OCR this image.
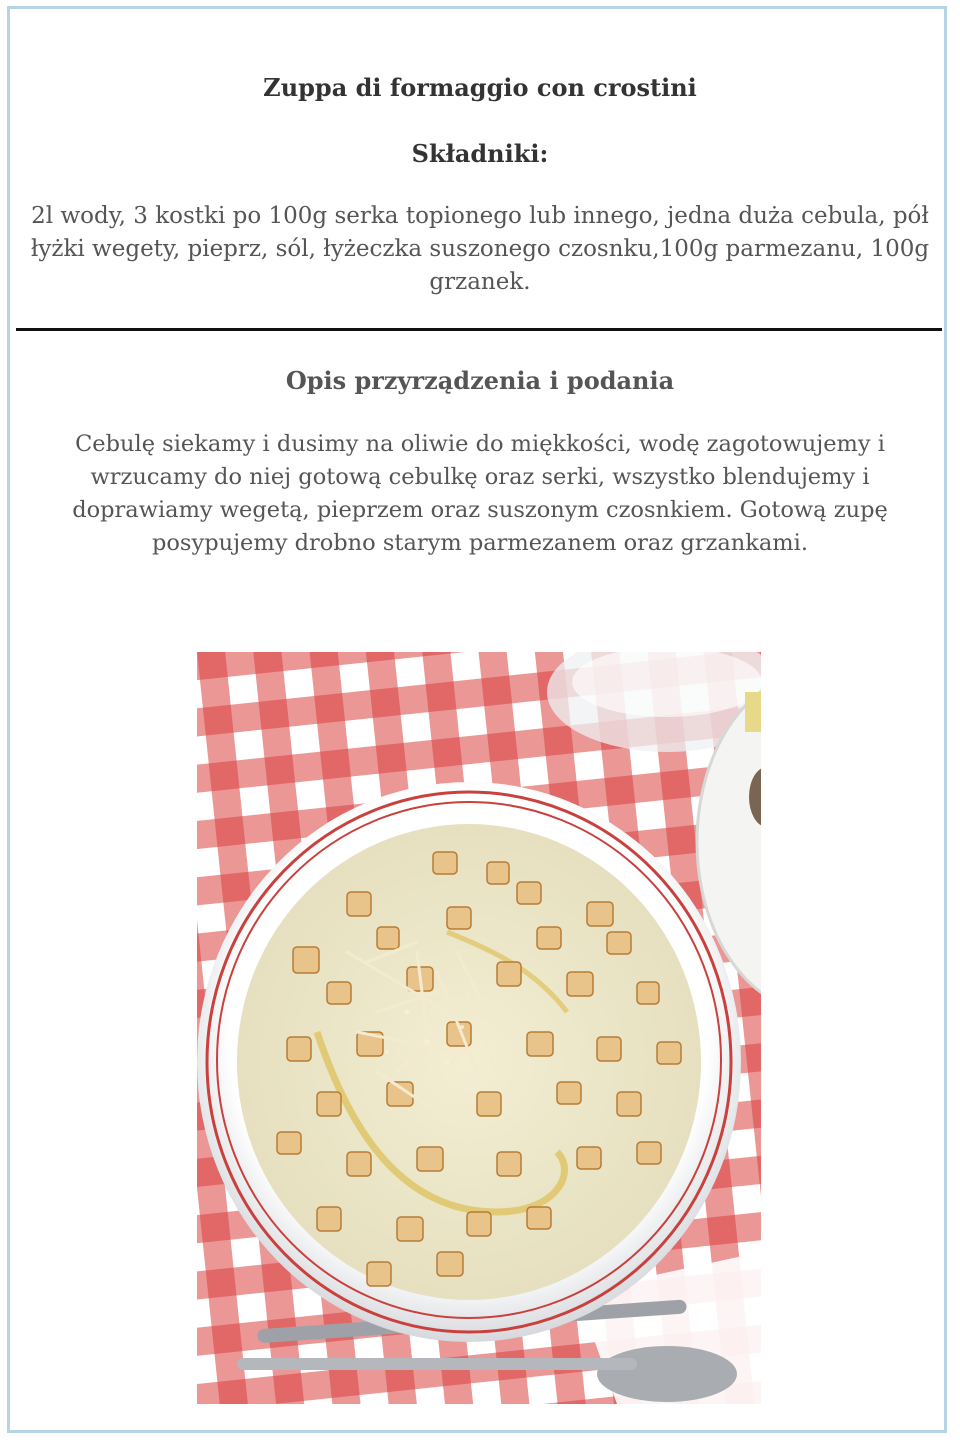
Zuppa di formaggio con crostini
Składniki:

2l wody, 3 kostki po 100g serka topionego lub innego, jedna duża cebula, pół łyżki wegety, pieprz, sól, łyżeczka suszonego czosnku,100g parmezanu, 100g grzanek.

Opis przyrządzenia i podania

Cebulę siekamy i dusimy na oliwie do miękkości, wodę zagotowujemy i wrzucamy do niej gotową cebulkę oraz serki, wszystko blendujemy i doprawiamy wegetą, pieprzem oraz suszonym czosnkiem. Gotową zupę posypujemy drobno starym parmezanem oraz grzankami.
